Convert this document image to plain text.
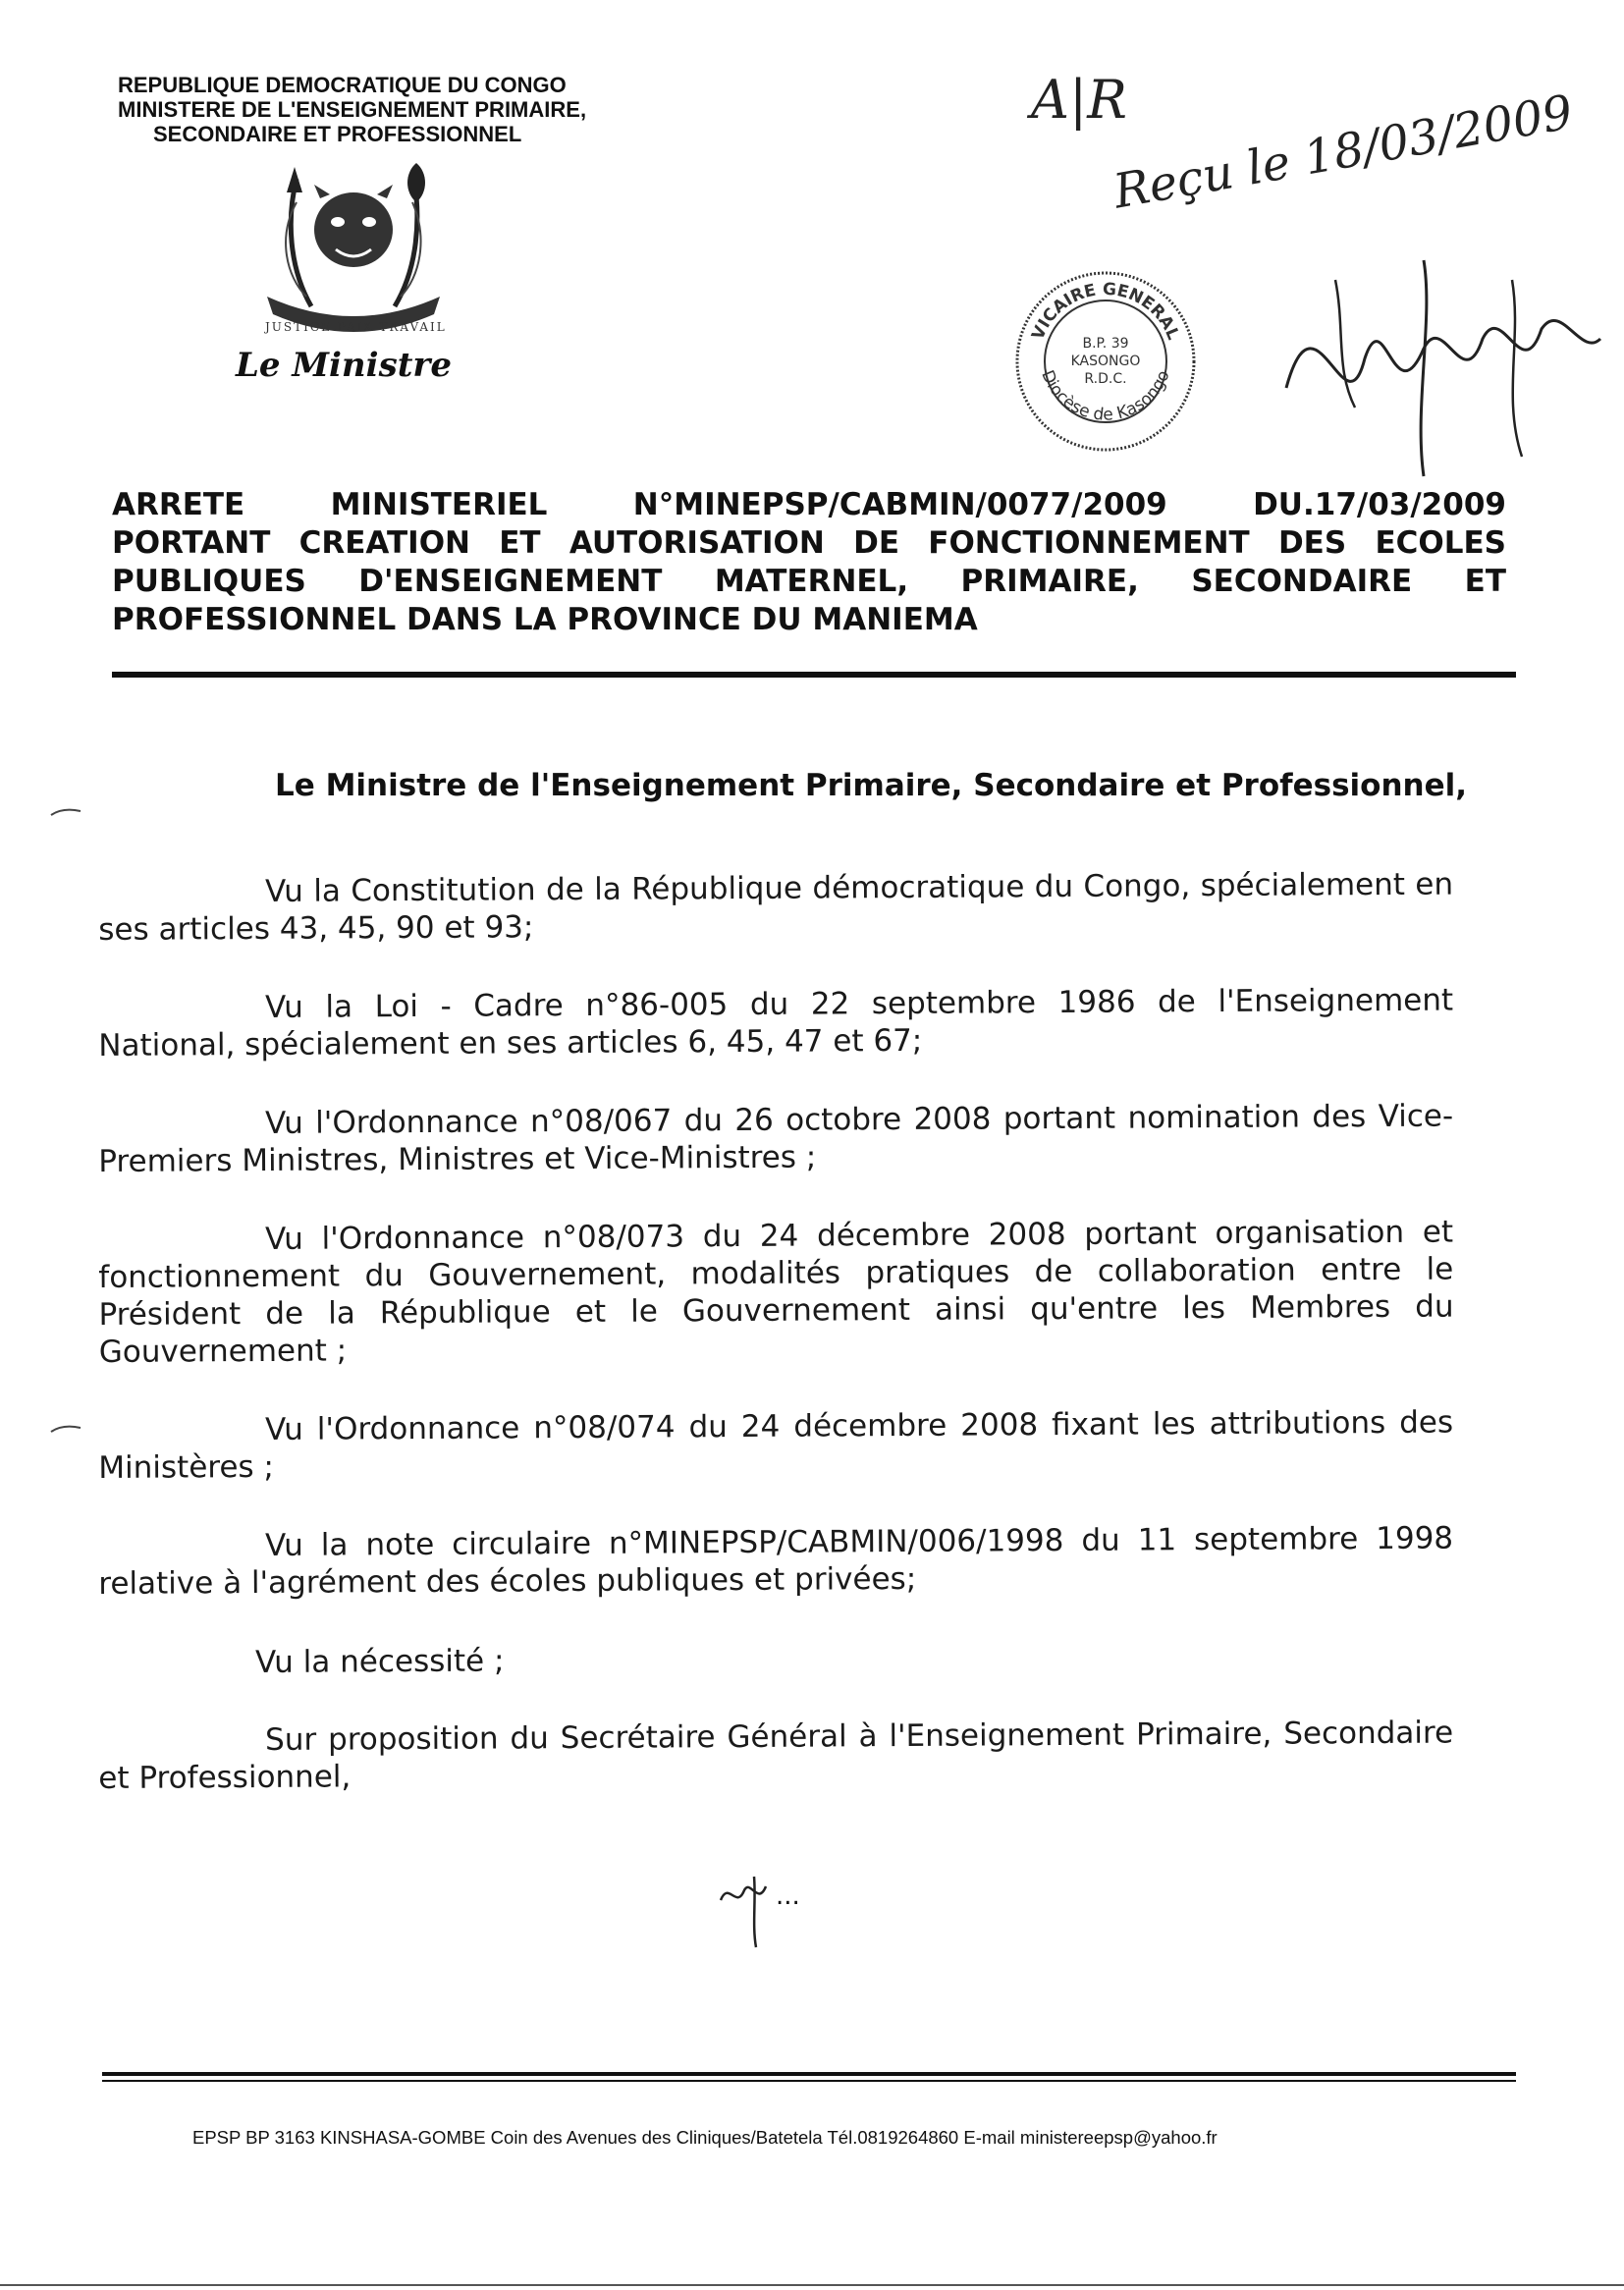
REPUBLIQUE DEMOCRATIQUE DU CONGO
MINISTERE DE L'ENSEIGNEMENT PRIMAIRE,
SECONDAIRE ET PROFESSIONNEL
JUSTICE PAIX TRAVAIL
Le Ministre
A|R
Reçu le 18/03/2009
VICAIRE GENERAL
Diocèse de Kasongo
B.P. 39
KASONGO
R.D.C.
ARRETE	MINISTERIEL	N°MINEPSP/CABMIN/0077/2009	DU.17/03/2009
PORTANT CREATION ET AUTORISATION DE FONCTIONNEMENT DES ECOLES
PUBLIQUES D'ENSEIGNEMENT MATERNEL, PRIMAIRE, SECONDAIRE ET
PROFESSIONNEL DANS LA PROVINCE DU MANIEMA
Le Ministre de l'Enseignement Primaire, Secondaire et Professionnel,

Vu la Constitution de la République démocratique du Congo, spécialement en ses articles 43, 45, 90 et 93;

Vu la Loi - Cadre n°86-005 du 22 septembre 1986 de l'Enseignement National, spécialement en ses articles 6, 45, 47 et 67;

Vu l'Ordonnance n°08/067 du 26 octobre 2008 portant nomination des Vice-Premiers Ministres, Ministres et Vice-Ministres ;

Vu l'Ordonnance n°08/073 du 24 décembre 2008 portant organisation et fonctionnement du Gouvernement, modalités pratiques de collaboration entre le Président de la République et le Gouvernement ainsi qu'entre les Membres du Gouvernement ;

Vu l'Ordonnance n°08/074 du 24 décembre 2008 fixant les attributions des Ministères ;

Vu la note circulaire n°MINEPSP/CABMIN/006/1998 du 11 septembre 1998 relative à l'agrément des écoles publiques et privées;

Vu la nécessité ;

Sur proposition du Secrétaire Général à l'Enseignement Primaire, Secondaire et Professionnel,

...
EPSP BP 3163 KINSHASA-GOMBE Coin des Avenues des Cliniques/Batetela Tél.0819264860 E-mail ministereepsp@yahoo.fr
